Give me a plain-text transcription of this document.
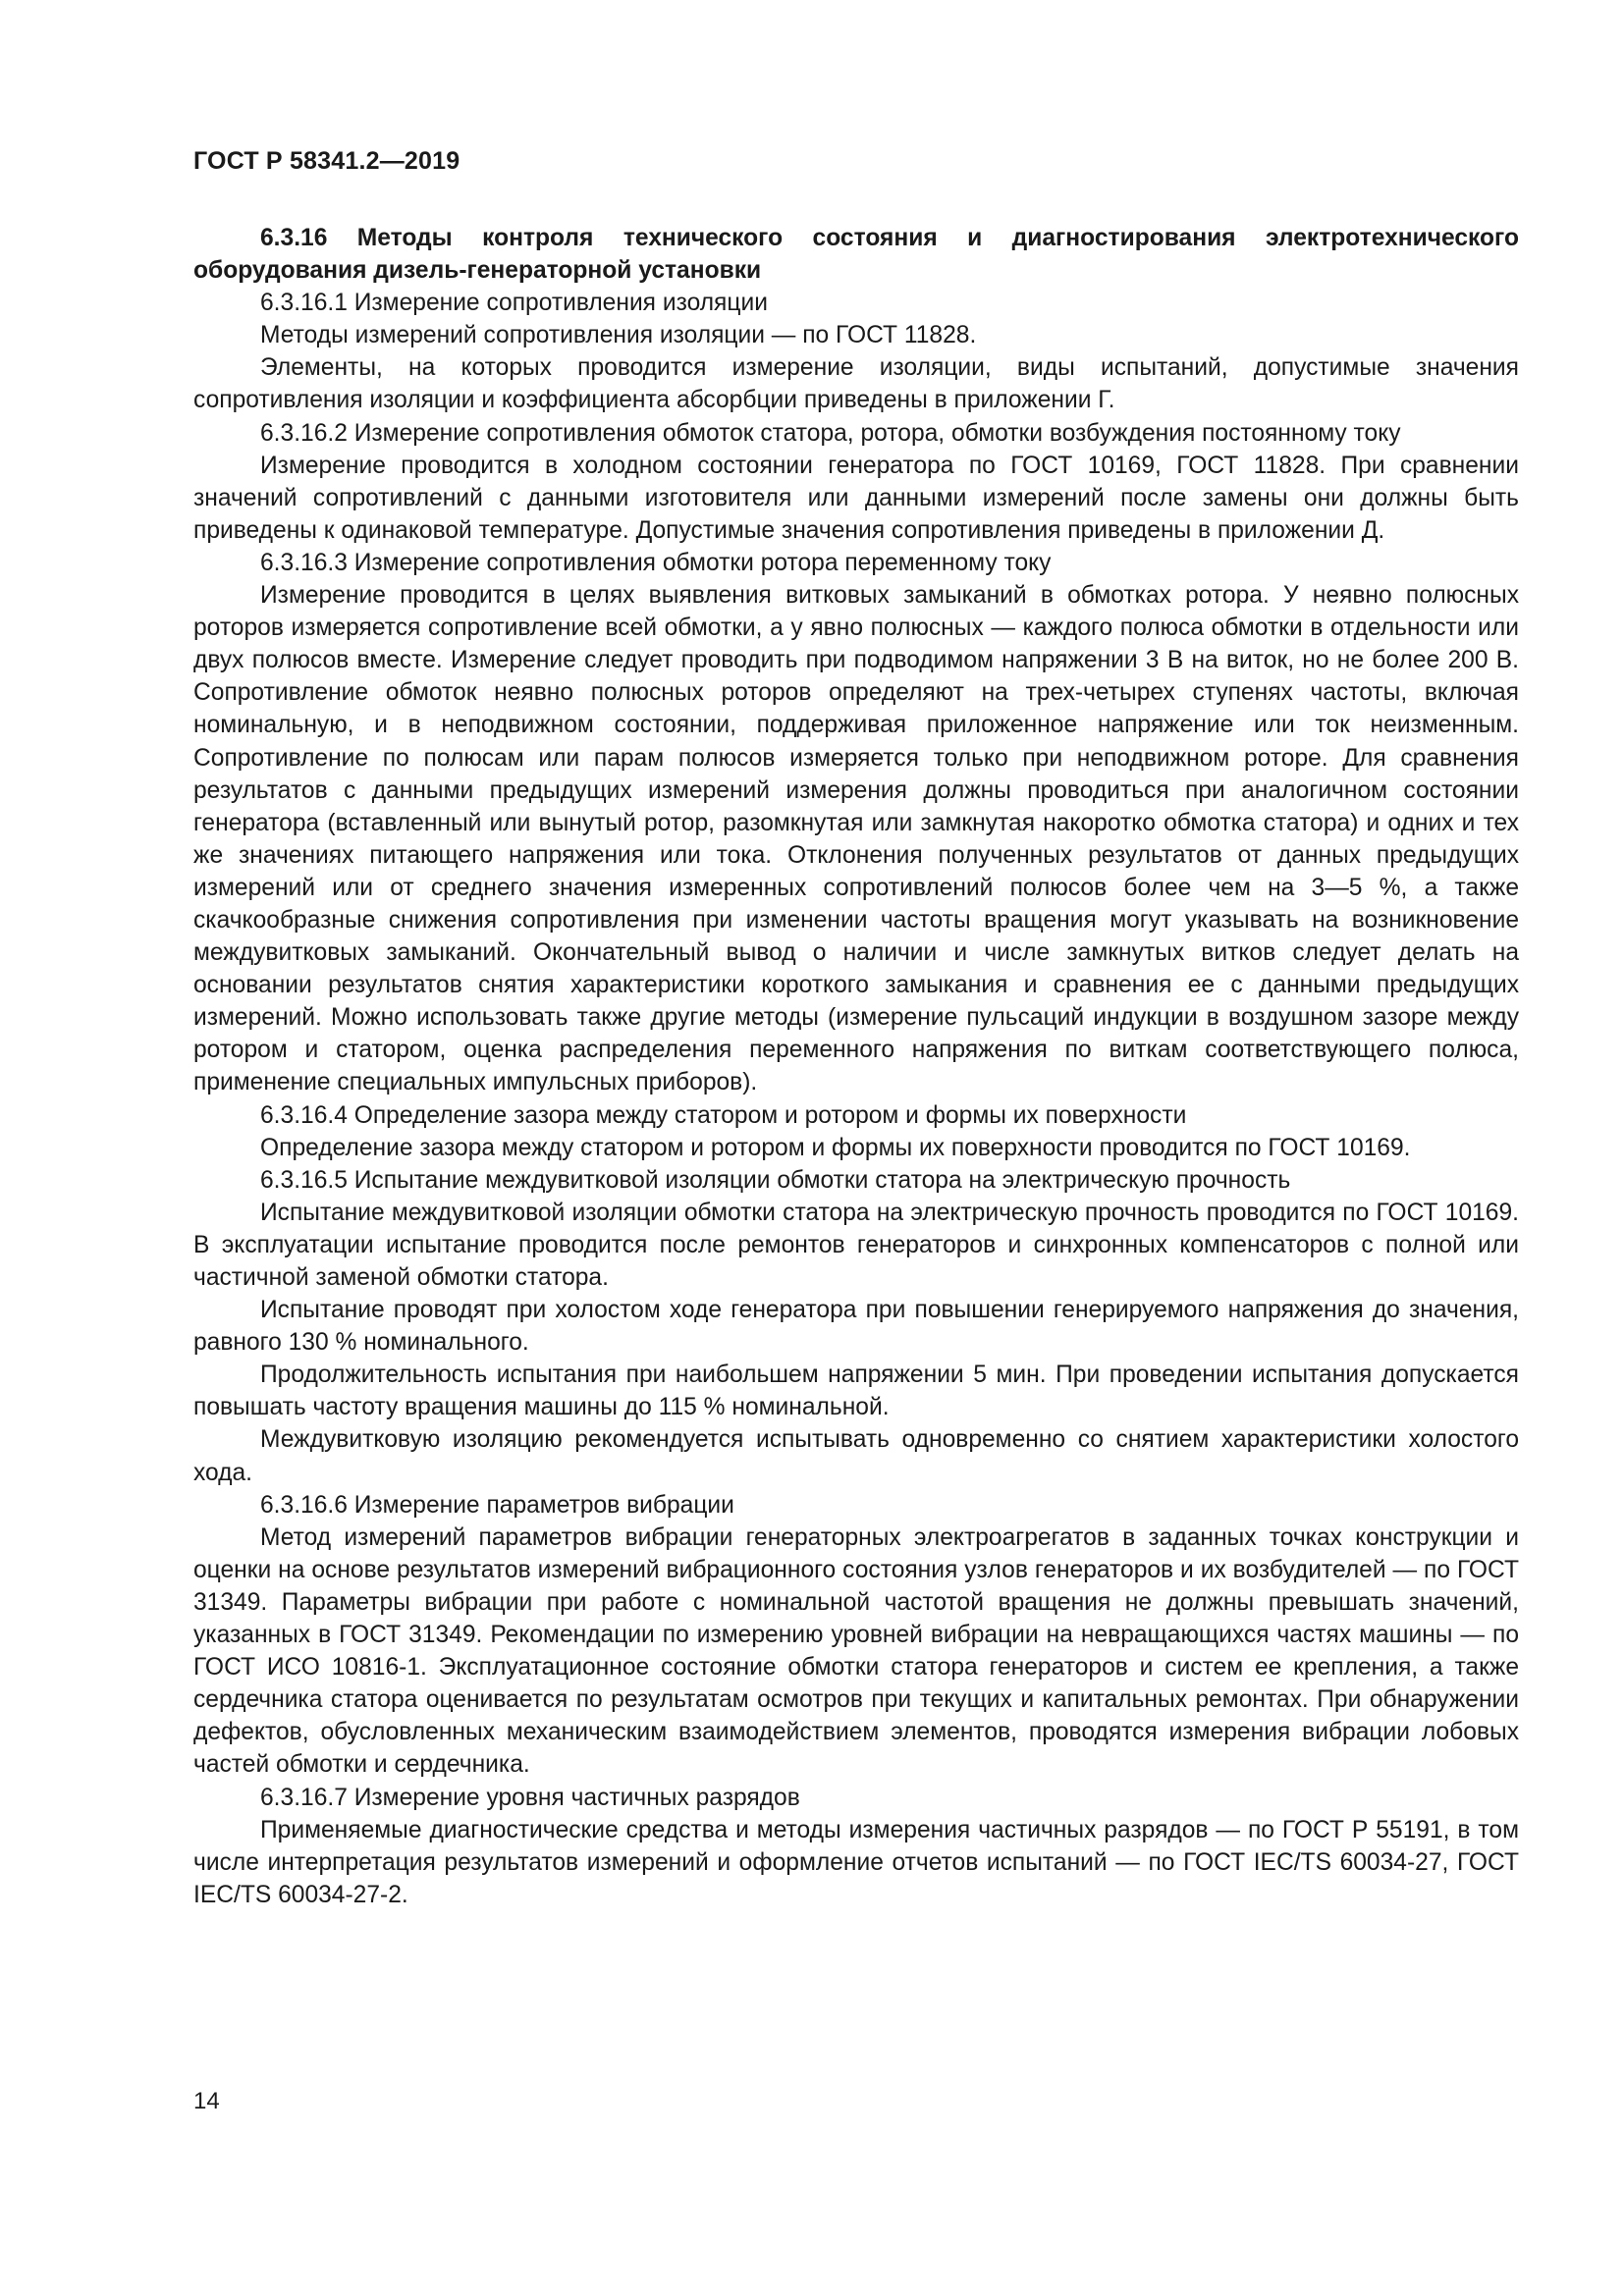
ГОСТ Р 58341.2—2019

6.3.16 Методы контроля технического состояния и диагностирования электротехнического оборудования дизель-генераторной установки

6.3.16.1 Измерение сопротивления изоляции

Методы измерений сопротивления изоляции — по ГОСТ 11828.

Элементы, на которых проводится измерение изоляции, виды испытаний, допустимые значения сопротивления изоляции и коэффициента абсорбции приведены в приложении Г.

6.3.16.2 Измерение сопротивления обмоток статора, ротора, обмотки возбуждения постоянному току

Измерение проводится в холодном состоянии генератора по ГОСТ 10169, ГОСТ 11828. При сравнении значений сопротивлений с данными изготовителя или данными измерений после замены они должны быть приведены к одинаковой температуре. Допустимые значения сопротивления приведены в приложении Д.

6.3.16.3 Измерение сопротивления обмотки ротора переменному току

Измерение проводится в целях выявления витковых замыканий в обмотках ротора. У неявно полюсных роторов измеряется сопротивление всей обмотки, а у явно полюсных — каждого полюса обмотки в отдельности или двух полюсов вместе. Измерение следует проводить при подводимом напряжении 3 В на виток, но не более 200 В. Сопротивление обмоток неявно полюсных роторов определяют на трех-четырех ступенях частоты, включая номинальную, и в неподвижном состоянии, поддерживая приложенное напряжение или ток неизменным. Сопротивление по полюсам или парам полюсов измеряется только при неподвижном роторе. Для сравнения результатов с данными предыдущих измерений измерения должны проводиться при аналогичном состоянии генератора (вставленный или вынутый ротор, разомкнутая или замкнутая накоротко обмотка статора) и одних и тех же значениях питающего напряжения или тока. Отклонения полученных результатов от данных предыдущих измерений или от среднего значения измеренных сопротивлений полюсов более чем на 3—5 %, а также скачкообразные снижения сопротивления при изменении частоты вращения могут указывать на возникновение междувитковых замыканий. Окончательный вывод о наличии и числе замкнутых витков следует делать на основании результатов снятия характеристики короткого замыкания и сравнения ее с данными предыдущих измерений. Можно использовать также другие методы (измерение пульсаций индукции в воздушном зазоре между ротором и статором, оценка распределения переменного напряжения по виткам соответствующего полюса, применение специальных импульсных приборов).

6.3.16.4 Определение зазора между статором и ротором и формы их поверхности

Определение зазора между статором и ротором и формы их поверхности проводится по ГОСТ 10169.

6.3.16.5 Испытание междувитковой изоляции обмотки статора на электрическую прочность

Испытание междувитковой изоляции обмотки статора на электрическую прочность проводится по ГОСТ 10169. В эксплуатации испытание проводится после ремонтов генераторов и синхронных компенсаторов с полной или частичной заменой обмотки статора.

Испытание проводят при холостом ходе генератора при повышении генерируемого напряжения до значения, равного 130 % номинального.

Продолжительность испытания при наибольшем напряжении 5 мин. При проведении испытания допускается повышать частоту вращения машины до 115 % номинальной.

Междувитковую изоляцию рекомендуется испытывать одновременно со снятием характеристики холостого хода.

6.3.16.6 Измерение параметров вибрации

Метод измерений параметров вибрации генераторных электроагрегатов в заданных точках конструкции и оценки на основе результатов измерений вибрационного состояния узлов генераторов и их возбудителей — по ГОСТ 31349. Параметры вибрации при работе с номинальной частотой вращения не должны превышать значений, указанных в ГОСТ 31349. Рекомендации по измерению уровней вибрации на невращающихся частях машины — по ГОСТ ИСО 10816-1. Эксплуатационное состояние обмотки статора генераторов и систем ее крепления, а также сердечника статора оценивается по результатам осмотров при текущих и капитальных ремонтах. При обнаружении дефектов, обусловленных механическим взаимодействием элементов, проводятся измерения вибрации лобовых частей обмотки и сердечника.

6.3.16.7 Измерение уровня частичных разрядов

Применяемые диагностические средства и методы измерения частичных разрядов — по ГОСТ Р 55191, в том числе интерпретация результатов измерений и оформление отчетов испытаний — по ГОСТ IEC/TS 60034-27, ГОСТ IEC/TS 60034-27-2.

14
